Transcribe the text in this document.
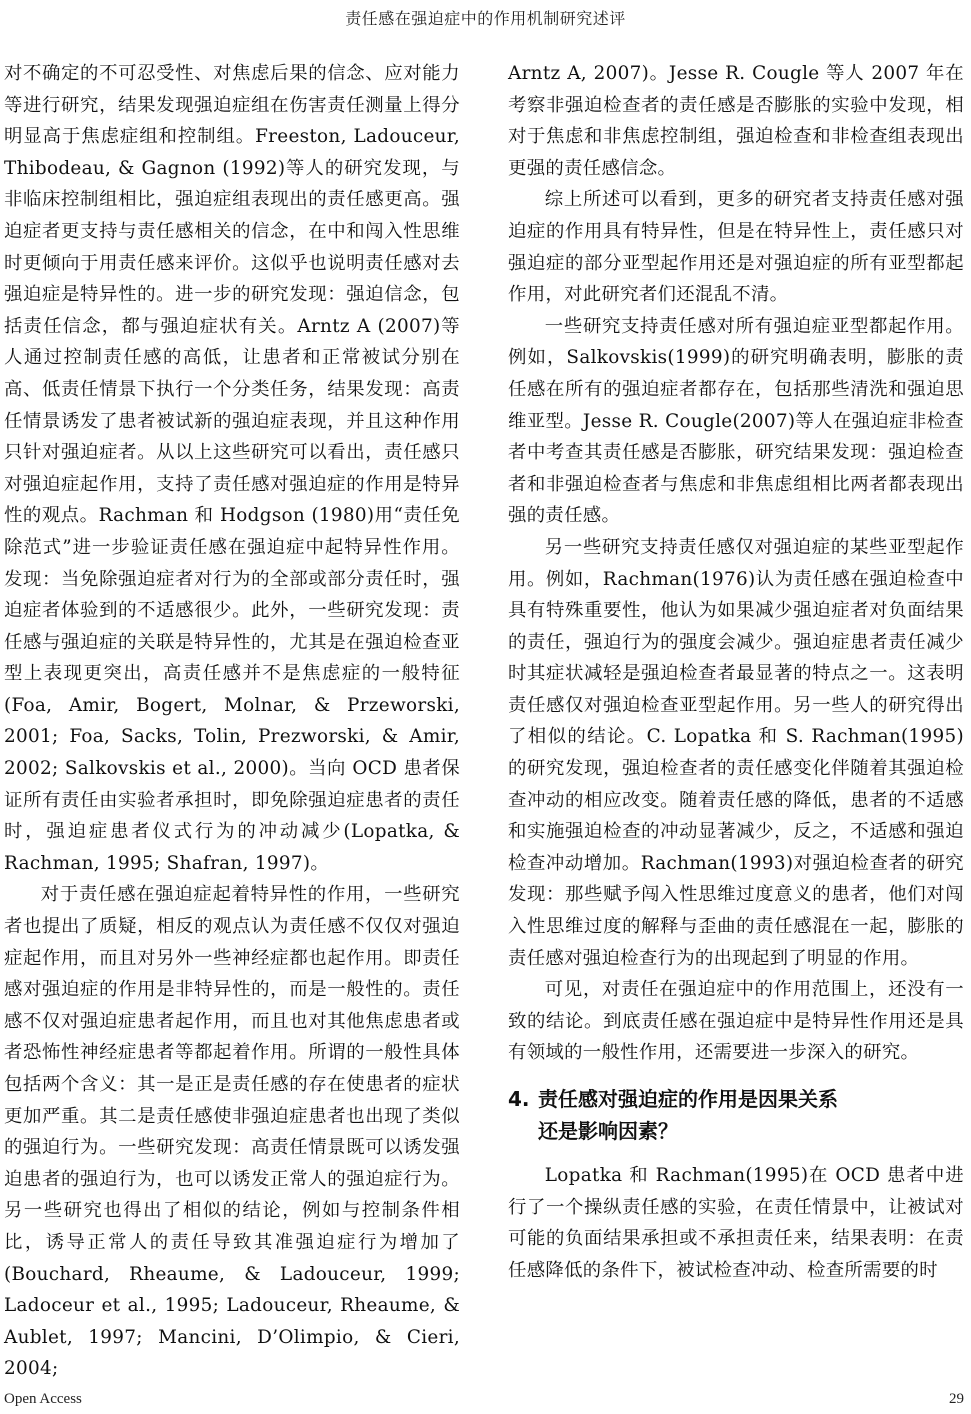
责任感在强迫症中的作用机制研究述评

对不确定的不可忍受性、对焦虑后果的信念、应对能力等进行研究，结果发现强迫症组在伤害责任测量上得分明显高于焦虑症组和控制组。Freeston, Ladouceur, Thibodeau, & Gagnon (1992)等人的研究发现，与非临床控制组相比，强迫症组表现出的责任感更高。强迫症者更支持与责任感相关的信念，在中和闯入性思维时更倾向于用责任感来评价。这似乎也说明责任感对去强迫症是特异性的。进一步的研究发现：强迫信念，包括责任信念，都与强迫症状有关。Arntz A (2007)等人通过控制责任感的高低，让患者和正常被试分别在高、低责任情景下执行一个分类任务，结果发现：高责任情景诱发了患者被试新的强迫症表现，并且这种作用只针对强迫症者。从以上这些研究可以看出，责任感只对强迫症起作用，支持了责任感对强迫症的作用是特异性的观点。Rachman 和 Hodgson (1980)用“责任免除范式”进一步验证责任感在强迫症中起特异性作用。发现：当免除强迫症者对行为的全部或部分责任时，强迫症者体验到的不适感很少。此外，一些研究发现：责任感与强迫症的关联是特异性的，尤其是在强迫检查亚型上表现更突出，高责任感并不是焦虑症的一般特征(Foa, Amir, Bogert, Molnar, & Przeworski, 2001; Foa, Sacks, Tolin, Prezworski, & Amir, 2002; Salkovskis et al., 2000)。当向 OCD 患者保证所有责任由实验者承担时，即免除强迫症患者的责任时，强迫症患者仪式行为的冲动减少(Lopatka, & Rachman, 1995; Shafran, 1997)。

对于责任感在强迫症起着特异性的作用，一些研究者也提出了质疑，相反的观点认为责任感不仅仅对强迫症起作用，而且对另外一些神经症都也起作用。即责任感对强迫症的作用是非特异性的，而是一般性的。责任感不仅对强迫症患者起作用，而且也对其他焦虑患者或者恐怖性神经症患者等都起着作用。所谓的一般性具体包括两个含义：其一是正是责任感的存在使患者的症状更加严重。其二是责任感使非强迫症患者也出现了类似的强迫行为。一些研究发现：高责任情景既可以诱发强迫患者的强迫行为，也可以诱发正常人的强迫症行为。另一些研究也得出了相似的结论，例如与控制条件相比，诱导正常人的责任导致其准强迫症行为增加了(Bouchard, Rheaume, & Ladouceur, 1999; Ladoceur et al., 1995; Ladouceur, Rheaume, & Aublet, 1997; Mancini, D’Olimpio, & Cieri, 2004;

Arntz A, 2007)。Jesse R. Cougle 等人 2007 年在考察非强迫检查者的责任感是否膨胀的实验中发现，相对于焦虑和非焦虑控制组，强迫检查和非检查组表现出更强的责任感信念。

综上所述可以看到，更多的研究者支持责任感对强迫症的作用具有特异性，但是在特异性上，责任感只对强迫症的部分亚型起作用还是对强迫症的所有亚型都起作用，对此研究者们还混乱不清。

一些研究支持责任感对所有强迫症亚型都起作用。例如，Salkovskis(1999)的研究明确表明，膨胀的责任感在所有的强迫症者都存在，包括那些清洗和强迫思维亚型。Jesse R. Cougle(2007)等人在强迫症非检查者中考查其责任感是否膨胀，研究结果发现：强迫检查者和非强迫检查者与焦虑和非焦虑组相比两者都表现出强的责任感。

另一些研究支持责任感仅对强迫症的某些亚型起作用。例如，Rachman(1976)认为责任感在强迫检查中具有特殊重要性，他认为如果减少强迫症者对负面结果的责任，强迫行为的强度会减少。强迫症患者责任减少时其症状减轻是强迫检查者最显著的特点之一。这表明责任感仅对强迫检查亚型起作用。另一些人的研究得出了相似的结论。C. Lopatka 和 S. Rachman(1995)的研究发现，强迫检查者的责任感变化伴随着其强迫检查冲动的相应改变。随着责任感的降低，患者的不适感和实施强迫检查的冲动显著减少，反之，不适感和强迫检查冲动增加。Rachman(1993)对强迫检查者的研究发现：那些赋予闯入性思维过度意义的患者，他们对闯入性思维过度的解释与歪曲的责任感混在一起，膨胀的责任感对强迫检查行为的出现起到了明显的作用。

可见，对责任在强迫症中的作用范围上，还没有一致的结论。到底责任感在强迫症中是特异性作用还是具有领域的一般性作用，还需要进一步深入的研究。

4. 责任感对强迫症的作用是因果关系
还是影响因素？

Lopatka 和 Rachman(1995)在 OCD 患者中进行了一个操纵责任感的实验，在责任情景中，让被试对可能的负面结果承担或不承担责任来，结果表明：在责任感降低的条件下，被试检查冲动、检查所需要的时

Open Access	29
